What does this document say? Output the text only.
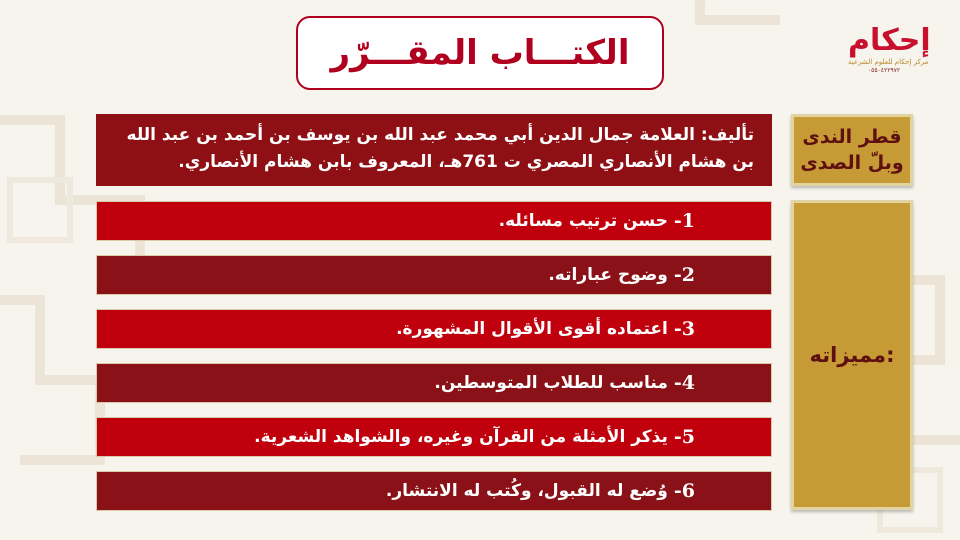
إحكام
مركز إحكام للعلوم الشرعية
٠٥٥٠٤٢٢٩٧٢
الكتـــاب المقـــرّر
قطر الندى
وبلّ الصدى
تأليف: العلامة جمال الدين أبي محمد عبد الله بن يوسف بن أحمد بن عبد الله بن هشام الأنصاري المصري ت 761هـ، المعروف بابن هشام الأنصاري.
مميزاته:
1-
حسن ترتيب مسائله.
2-
وضوح عباراته.
3-
اعتماده أقوى الأقوال المشهورة.
4-
مناسب للطلاب المتوسطين.
5-
يذكر الأمثلة من القرآن وغيره، والشواهد الشعرية.
6-
وُضع له القبول، وكُتب له الانتشار.
